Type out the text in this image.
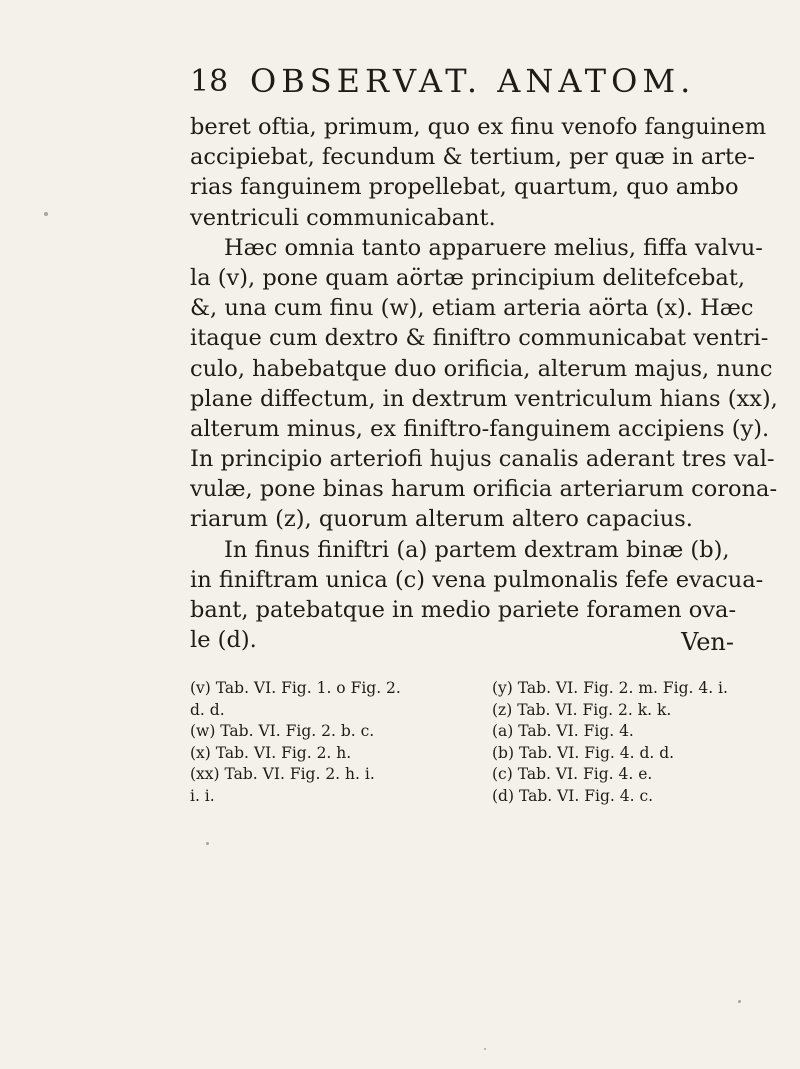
18 OBSERVAT. ANATOM.
beret oftia, primum, quo ex finu venofo fanguinem
accipiebat, fecundum & tertium, per quæ in arte-
rias fanguinem propellebat, quartum, quo ambo
ventriculi communicabant.
Hæc omnia tanto apparuere melius, fiffa valvu-
la (v), pone quam aörtæ principium delitefcebat,
&, una cum finu (w), etiam arteria aörta (x). Hæc
itaque cum dextro & finiftro communicabat ventri-
culo, habebatque duo orificia, alterum majus, nunc
plane diffectum, in dextrum ventriculum hians (xx),
alterum minus, ex finiftro-fanguinem accipiens (y).
In principio arteriofi hujus canalis aderant tres val-
vulæ, pone binas harum orificia arteriarum corona-
riarum (z), quorum alterum altero capacius.
In finus finiftri (a) partem dextram binæ (b),
in finiftram unica (c) vena pulmonalis fefe evacua-
bant, patebatque in medio pariete foramen ova-
le (d).	Ven-
(v) Tab. VI. Fig. 1. o Fig. 2.
d. d.
(w) Tab. VI. Fig. 2. b. c.
(x) Tab. VI. Fig. 2. h.
(xx) Tab. VI. Fig. 2. h. i.
i. i.
(y) Tab. VI. Fig. 2. m. Fig. 4. i.
(z) Tab. VI. Fig. 2. k. k.
(a) Tab. VI. Fig. 4.
(b) Tab. VI. Fig. 4. d. d.
(c) Tab. VI. Fig. 4. e.
(d) Tab. VI. Fig. 4. c.
